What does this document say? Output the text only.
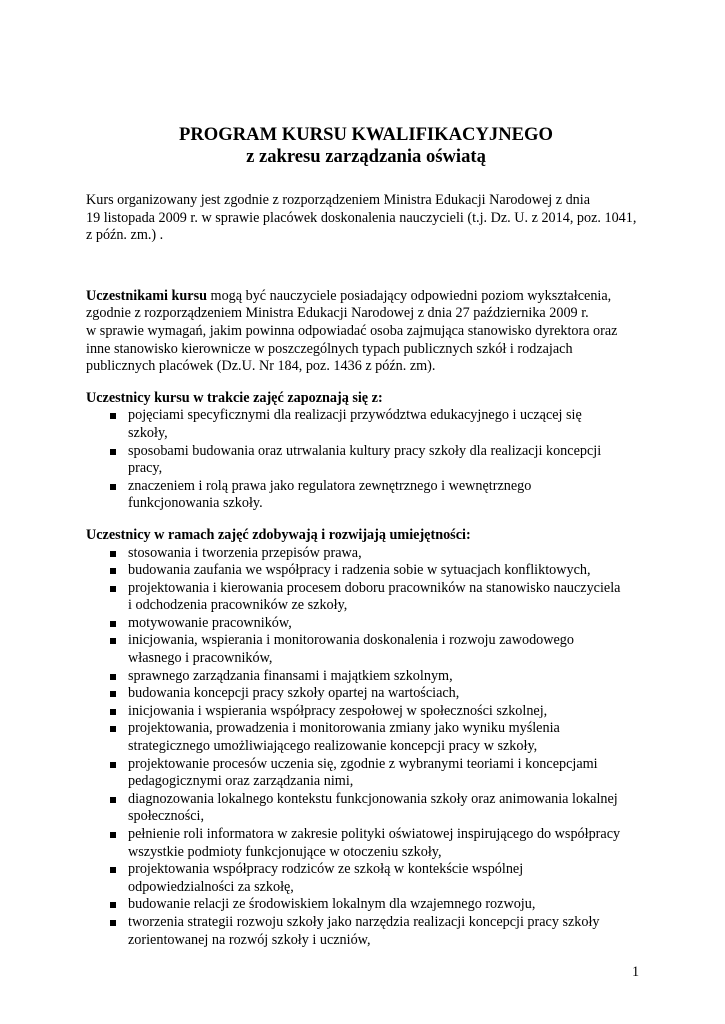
PROGRAM KURSU KWALIFIKACYJNEGO
z zakresu zarządzania oświatą
Kurs organizowany jest zgodnie z rozporządzeniem Ministra Edukacji Narodowej z dnia
19 listopada 2009 r. w sprawie placówek doskonalenia nauczycieli (t.j. Dz. U. z 2014, poz. 1041,
z późn. zm.) .
Uczestnikami kursu mogą być nauczyciele posiadający odpowiedni poziom wykształcenia,
zgodnie z rozporządzeniem Ministra Edukacji Narodowej z dnia 27 października 2009 r.
w sprawie wymagań, jakim powinna odpowiadać osoba zajmująca stanowisko dyrektora oraz
inne stanowisko kierownicze w poszczególnych typach publicznych szkół i rodzajach
publicznych placówek (Dz.U. Nr 184, poz. 1436 z późn. zm).
Uczestnicy kursu w trakcie zajęć zapoznają się z:
pojęciami specyficznymi dla realizacji przywództwa edukacyjnego i uczącej się
szkoły,
sposobami budowania oraz utrwalania kultury pracy szkoły dla realizacji koncepcji
pracy,
znaczeniem i rolą prawa jako regulatora zewnętrznego i wewnętrznego
funkcjonowania szkoły.
Uczestnicy w ramach zajęć zdobywają i rozwijają umiejętności:
stosowania i tworzenia przepisów prawa,
budowania zaufania we współpracy i radzenia sobie w sytuacjach konfliktowych,
projektowania i kierowania procesem doboru pracowników na stanowisko nauczyciela
i odchodzenia pracowników ze szkoły,
motywowanie pracowników,
inicjowania, wspierania i monitorowania doskonalenia i rozwoju zawodowego
własnego i pracowników,
sprawnego zarządzania finansami i majątkiem szkolnym,
budowania koncepcji pracy szkoły opartej na wartościach,
inicjowania i wspierania współpracy zespołowej w społeczności szkolnej,
projektowania, prowadzenia i monitorowania zmiany jako wyniku myślenia
strategicznego umożliwiającego realizowanie koncepcji pracy w szkoły,
projektowanie procesów uczenia się, zgodnie z wybranymi teoriami i koncepcjami
pedagogicznymi oraz zarządzania nimi,
diagnozowania lokalnego kontekstu funkcjonowania szkoły oraz animowania lokalnej
społeczności,
pełnienie roli informatora w zakresie polityki oświatowej inspirującego do współpracy
wszystkie podmioty funkcjonujące w otoczeniu szkoły,
projektowania współpracy rodziców ze szkołą w kontekście wspólnej
odpowiedzialności za szkołę,
budowanie relacji ze środowiskiem lokalnym dla wzajemnego rozwoju,
tworzenia strategii rozwoju szkoły jako narzędzia realizacji koncepcji pracy szkoły
zorientowanej na rozwój szkoły i uczniów,
1
